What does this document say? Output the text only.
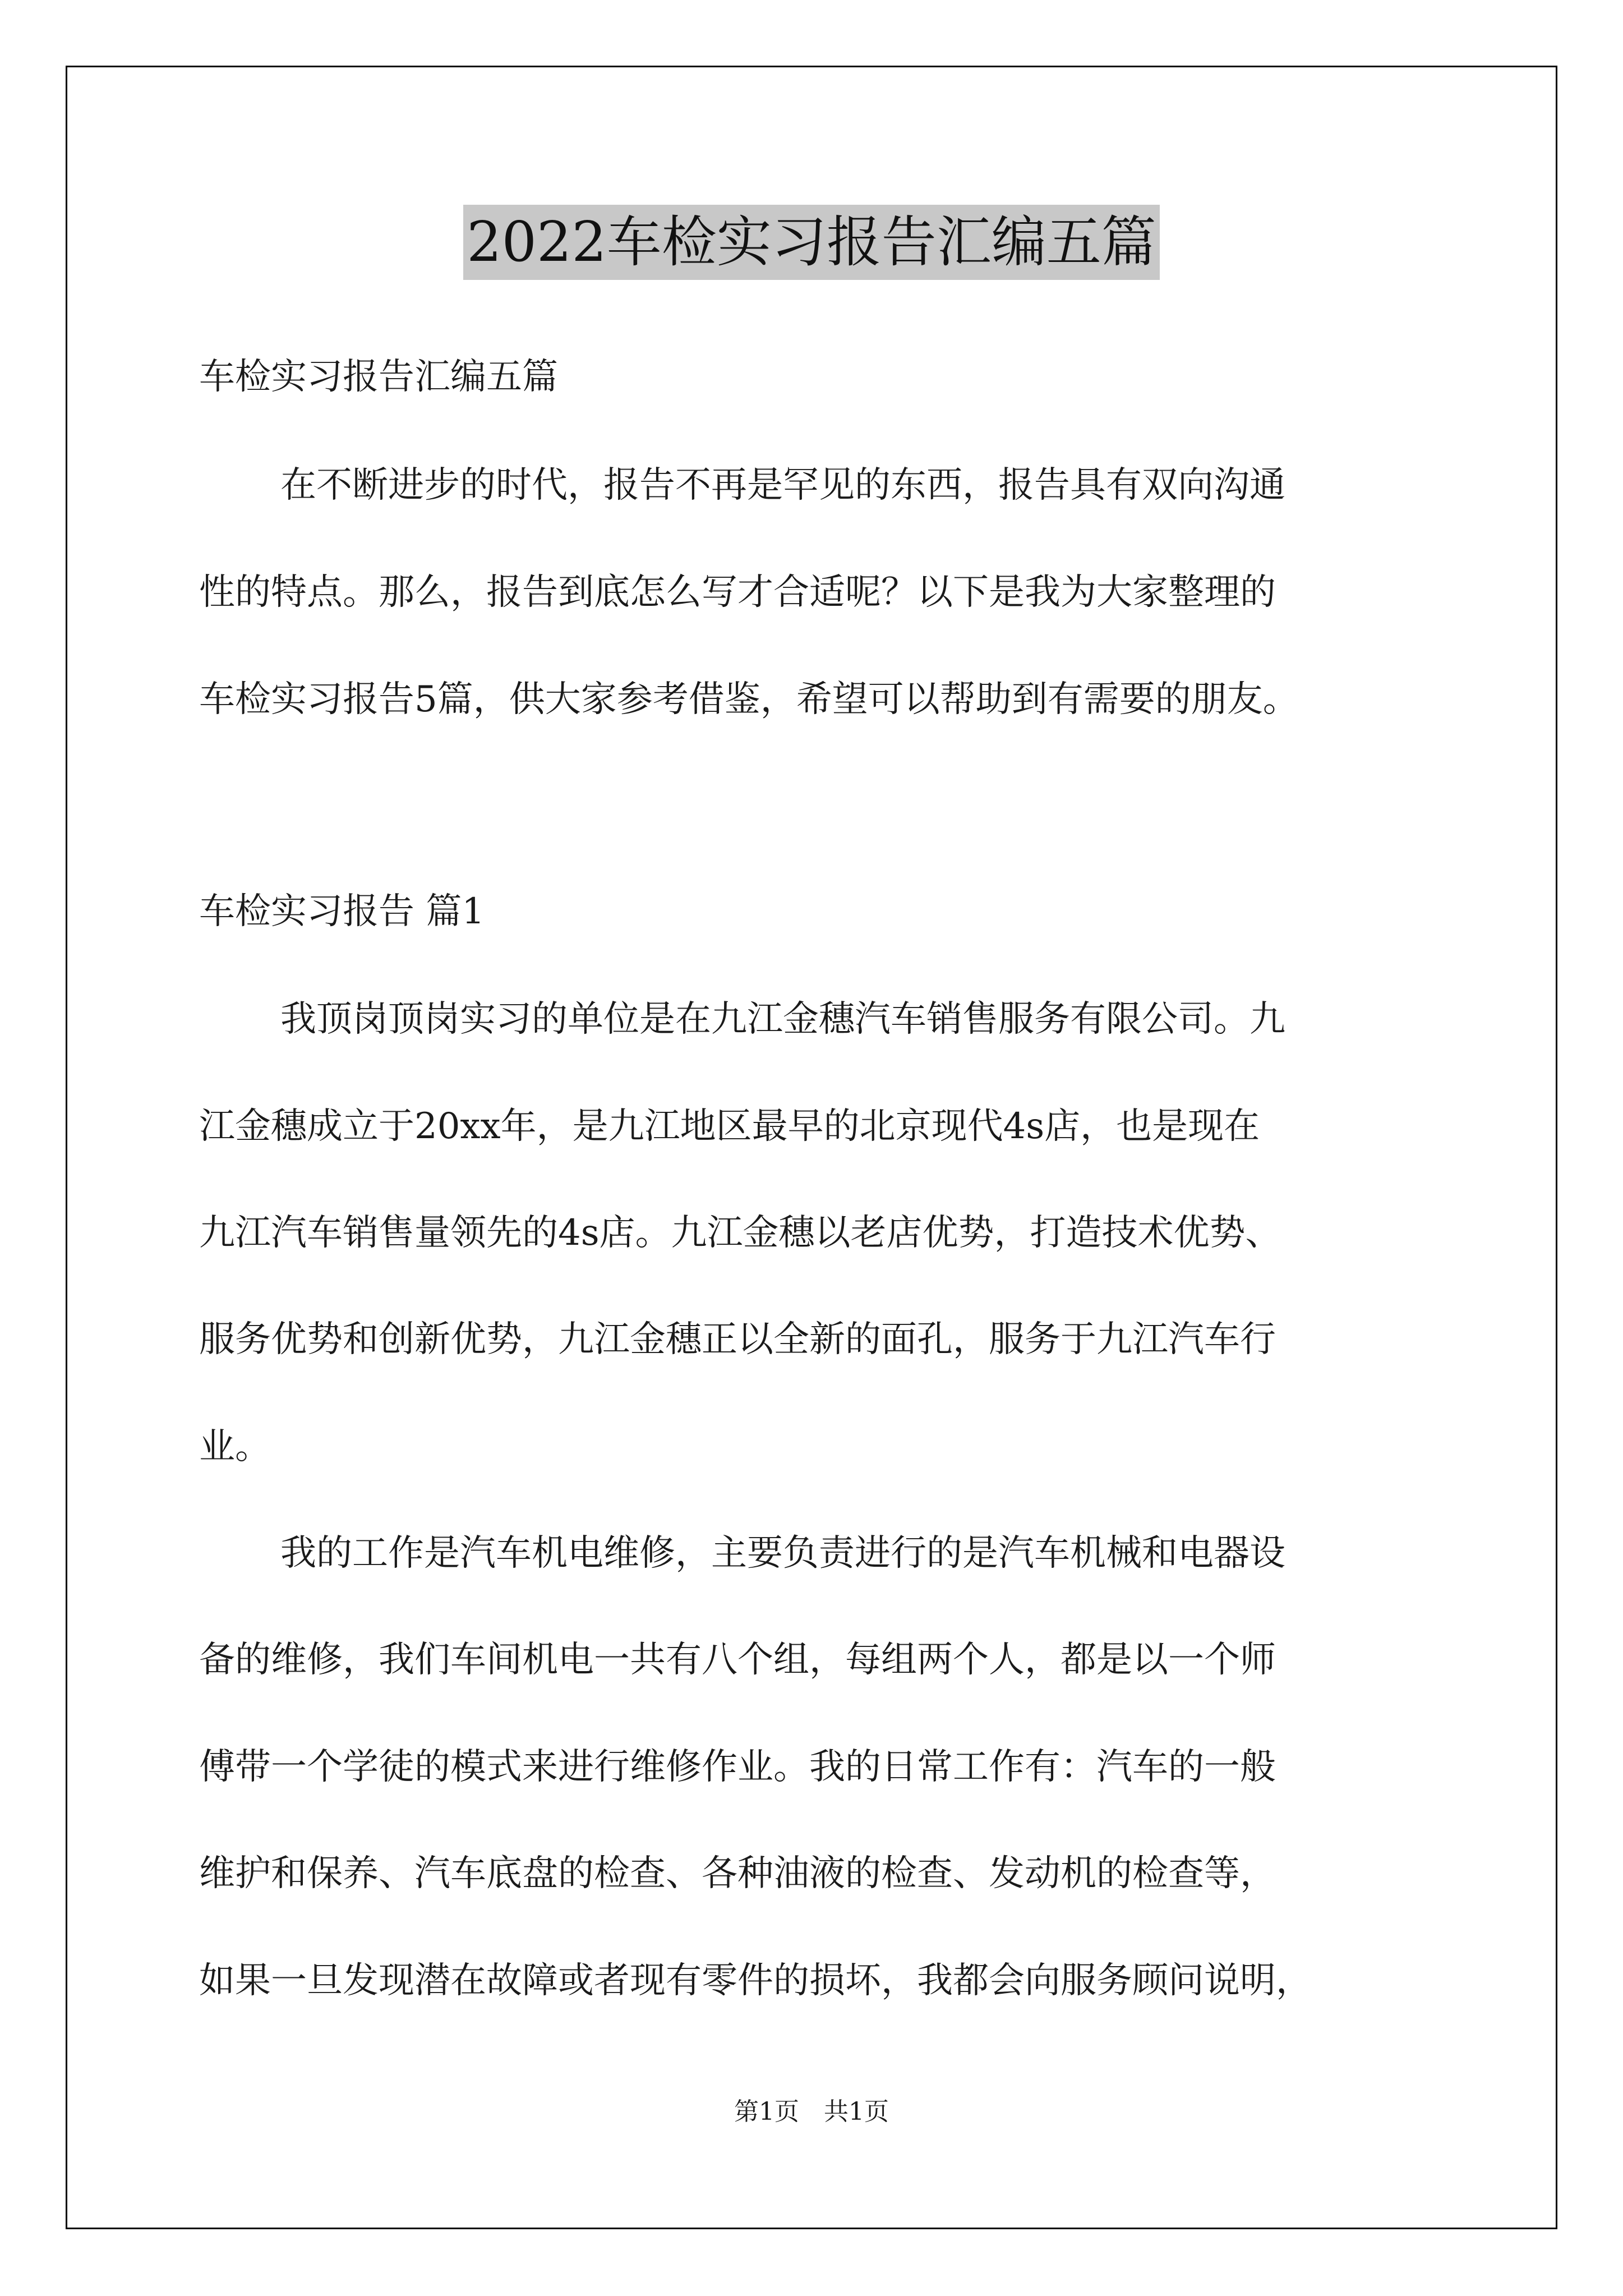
2022车检实习报告汇编五篇
车检实习报告汇编五篇
在不断进步的时代，报告不再是罕见的东西，报告具有双向沟通
性的特点。那么，报告到底怎么写才合适呢？以下是我为大家整理的
车检实习报告5篇，供大家参考借鉴，希望可以帮助到有需要的朋友。
车检实习报告 篇1
我顶岗顶岗实习的单位是在九江金穗汽车销售服务有限公司。九
江金穗成立于20xx年，是九江地区最早的北京现代4s店，也是现在
九江汽车销售量领先的4s店。九江金穗以老店优势，打造技术优势、
服务优势和创新优势，九江金穗正以全新的面孔，服务于九江汽车行
业。
我的工作是汽车机电维修，主要负责进行的是汽车机械和电器设
备的维修，我们车间机电一共有八个组，每组两个人，都是以一个师
傅带一个学徒的模式来进行维修作业。我的日常工作有：汽车的一般
维护和保养、汽车底盘的检查、各种油液的检查、发动机的检查等，
如果一旦发现潜在故障或者现有零件的损坏，我都会向服务顾问说明，
第1页　共1页
